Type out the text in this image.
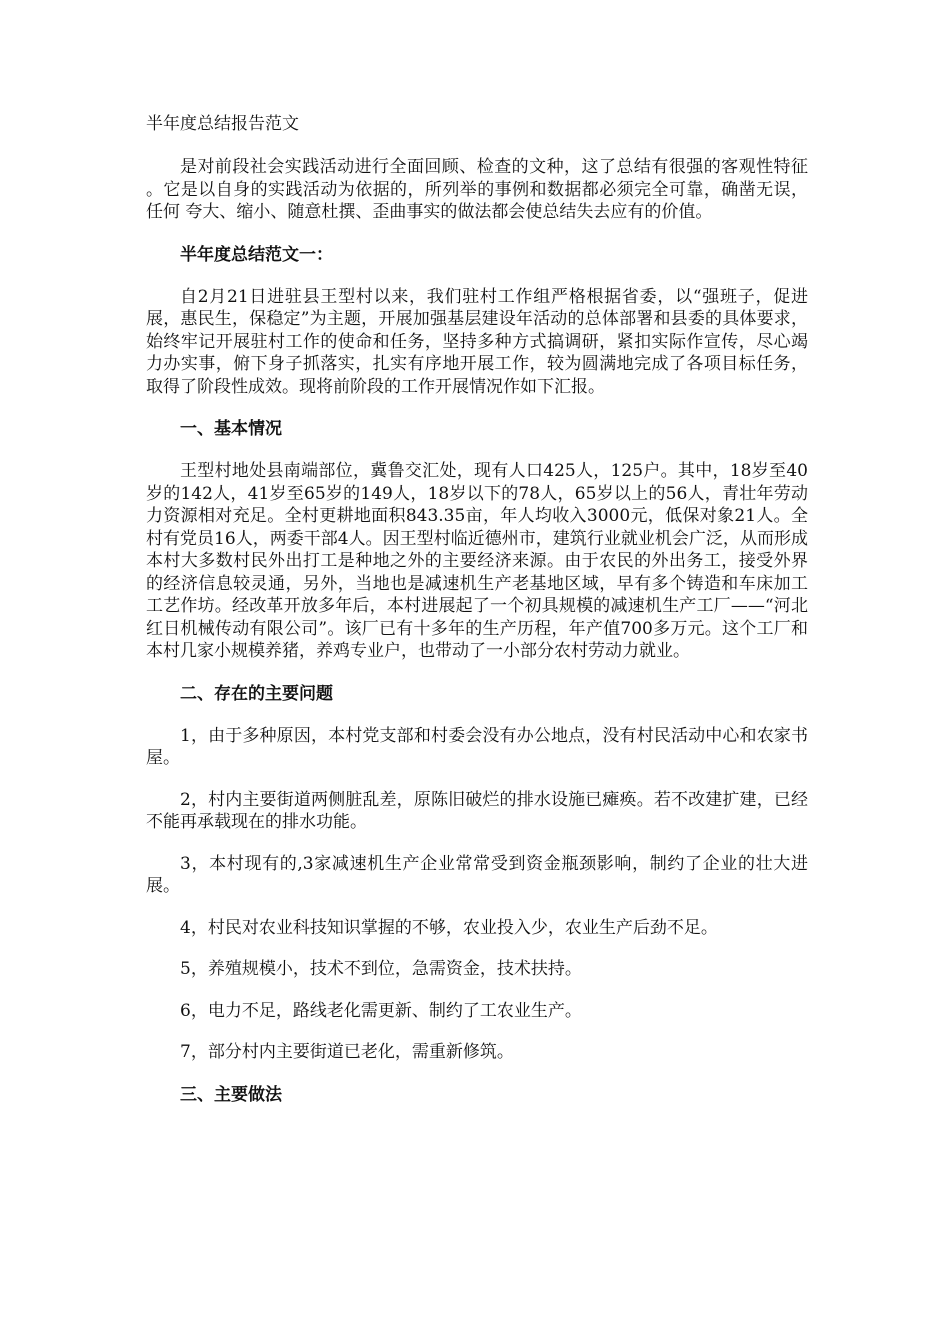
半年度总结报告范文

是对前段社会实践活动进行全面回顾、检查的文种，这了总结有很强的客观性特征 。它是以自身的实践活动为依据的，所列举的事例和数据都必须完全可靠，确凿无误，任何 夸大、缩小、随意杜撰、歪曲事实的做法都会使总结失去应有的价值。

半年度总结范文一：

自2月21日进驻县王型村以来，我们驻村工作组严格根据省委，以“强班子，促进展，惠民生，保稳定”为主题，开展加强基层建设年活动的总体部署和县委的具体要求，始终牢记开展驻村工作的使命和任务，坚持多种方式搞调研，紧扣实际作宣传，尽心竭力办实事，俯下身子抓落实，扎实有序地开展工作，较为圆满地完成了各项目标任务，取得了阶段性成效。现将前阶段的工作开展情况作如下汇报。

一、基本情况

王型村地处县南端部位，冀鲁交汇处，现有人口425人，125户。其中，18岁至40岁的142人，41岁至65岁的149人，18岁以下的78人，65岁以上的56人，青壮年劳动力资源相对充足。全村更耕地面积843.35亩，年人均收入3000元，低保对象21人。全村有党员16人，两委干部4人。因王型村临近德州市，建筑行业就业机会广泛，从而形成本村大多数村民外出打工是种地之外的主要经济来源。由于农民的外出务工，接受外界的经济信息较灵通，另外，当地也是减速机生产老基地区域，早有多个铸造和车床加工工艺作坊。经改革开放多年后，本村进展起了一个初具规模的减速机生产工厂——“河北红日机械传动有限公司”。该厂已有十多年的生产历程，年产值700多万元。这个工厂和本村几家小规模养猪，养鸡专业户，也带动了一小部分农村劳动力就业。

二、存在的主要问题

1，由于多种原因，本村党支部和村委会没有办公地点，没有村民活动中心和农家书屋。

2，村内主要街道两侧脏乱差，原陈旧破烂的排水设施已瘫痪。若不改建扩建，已经不能再承载现在的排水功能。

3，本村现有的,3家减速机生产企业常常受到资金瓶颈影响，制约了企业的壮大进展。

4，村民对农业科技知识掌握的不够，农业投入少，农业生产后劲不足。

5，养殖规模小，技术不到位，急需资金，技术扶持。

6，电力不足，路线老化需更新、制约了工农业生产。

7，部分村内主要街道已老化，需重新修筑。

三、主要做法
